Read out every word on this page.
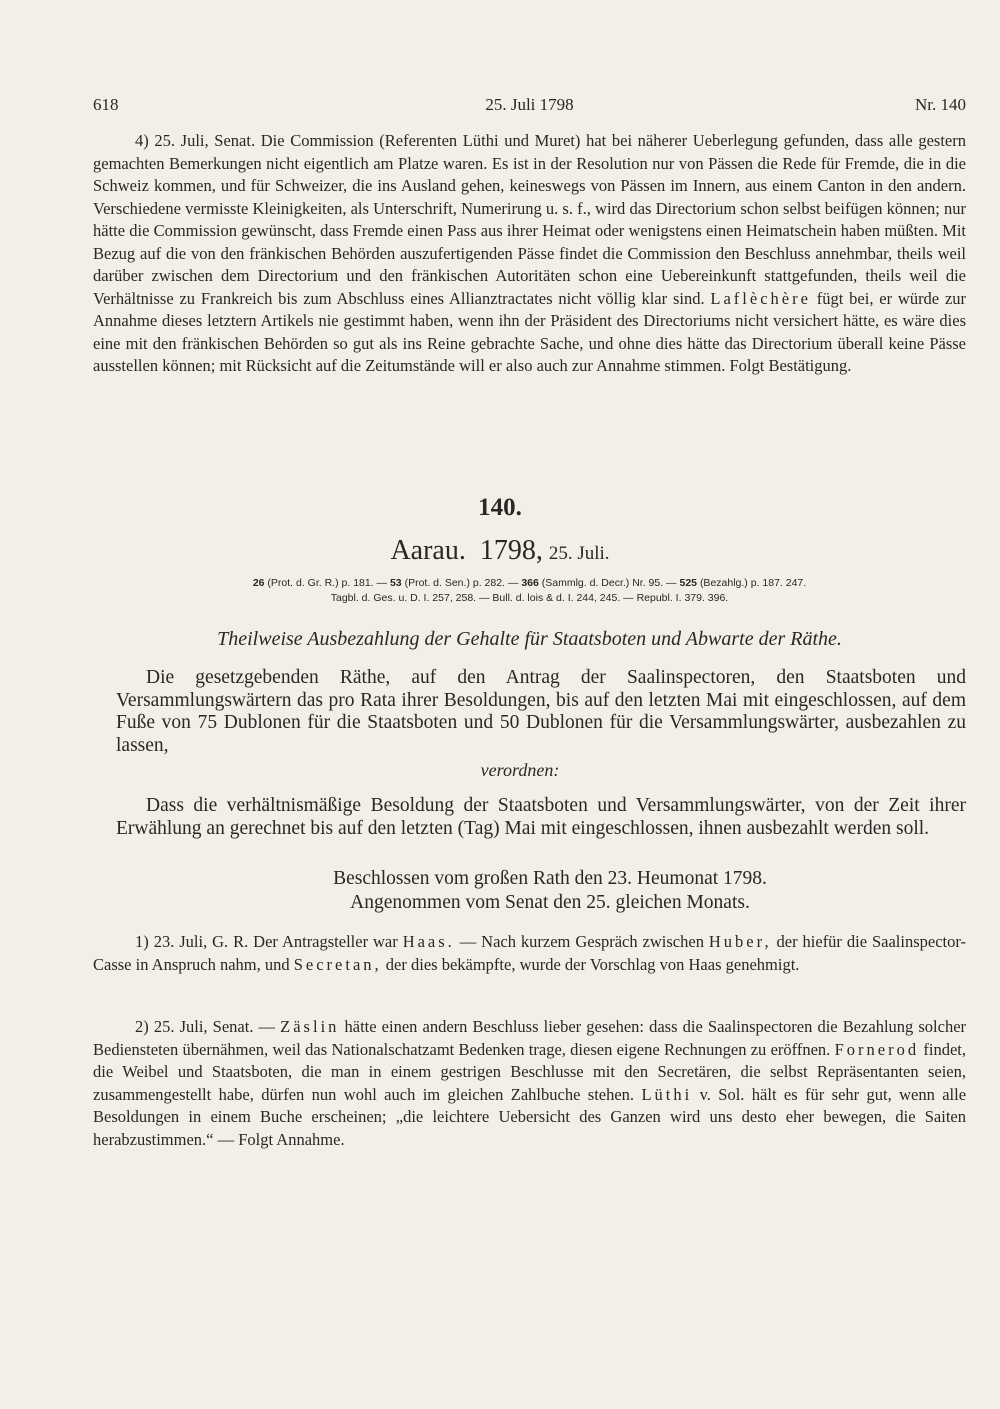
618	25. Juli 1798	Nr. 140

4) 25. Juli, Senat. Die Commission (Referenten Lüthi und Muret) hat bei näherer Ueberlegung gefunden, dass alle gestern gemachten Bemerkungen nicht eigentlich am Platze waren. Es ist in der Resolution nur von Pässen die Rede für Fremde, die in die Schweiz kommen, und für Schweizer, die ins Ausland gehen, keineswegs von Pässen im Innern, aus einem Canton in den andern. Verschiedene vermisste Kleinigkeiten, als Unterschrift, Numerirung u. s. f., wird das Directorium schon selbst beifügen können; nur hätte die Commission gewünscht, dass Fremde einen Pass aus ihrer Heimat oder wenigstens einen Heimatschein haben müßten. Mit Bezug auf die von den fränkischen Behörden auszufertigenden Pässe findet die Commission den Beschluss annehmbar, theils weil darüber zwischen dem Directorium und den fränkischen Autoritäten schon eine Uebereinkunft stattgefunden, theils weil die Verhältnisse zu Frankreich bis zum Abschluss eines Allianztractates nicht völlig klar sind. Laflèchère fügt bei, er würde zur Annahme dieses letztern Artikels nie gestimmt haben, wenn ihn der Präsident des Directoriums nicht versichert hätte, es wäre dies eine mit den fränkischen Behörden so gut als ins Reine gebrachte Sache, und ohne dies hätte das Directorium überall keine Pässe ausstellen können; mit Rücksicht auf die Zeitumstände will er also auch zur Annahme stimmen. Folgt Bestätigung.

140.
Aarau. 1798, 25. Juli.
26 (Prot. d. Gr. R.) p. 181. — 53 (Prot. d. Sen.) p. 282. — 366 (Sammlg. d. Decr.) Nr. 95. — 525 (Bezahlg.) p. 187. 247.
Tagbl. d. Ges. u. D. I. 257, 258. — Bull. d. lois & d. I. 244, 245. — Republ. I. 379. 396.
Theilweise Ausbezahlung der Gehalte für Staatsboten und Abwarte der Räthe.

Die gesetzgebenden Räthe, auf den Antrag der Saalinspectoren, den Staatsboten und Versammlungswärtern das pro Rata ihrer Besoldungen, bis auf den letzten Mai mit eingeschlossen, auf dem Fuße von 75 Dublonen für die Staatsboten und 50 Dublonen für die Versammlungswärter, ausbezahlen zu lassen,

verordnen:

Dass die verhältnismäßige Besoldung der Staatsboten und Versammlungswärter, von der Zeit ihrer Erwählung an gerechnet bis auf den letzten (Tag) Mai mit eingeschlossen, ihnen ausbezahlt werden soll.

Beschlossen vom großen Rath den 23. Heumonat 1798.
Angenommen vom Senat den 25. gleichen Monats.

1) 23. Juli, G. R. Der Antragsteller war Haas. — Nach kurzem Gespräch zwischen Huber, der hiefür die Saalinspector-Casse in Anspruch nahm, und Secretan, der dies bekämpfte, wurde der Vorschlag von Haas genehmigt.

2) 25. Juli, Senat. — Zäslin hätte einen andern Beschluss lieber gesehen: dass die Saalinspectoren die Bezahlung solcher Bediensteten übernähmen, weil das Nationalschatzamt Bedenken trage, diesen eigene Rechnungen zu eröffnen. Fornerod findet, die Weibel und Staatsboten, die man in einem gestrigen Beschlusse mit den Secretären, die selbst Repräsentanten seien, zusammengestellt habe, dürfen nun wohl auch im gleichen Zahlbuche stehen. Lüthi v. Sol. hält es für sehr gut, wenn alle Besoldungen in einem Buche erscheinen; „die leichtere Uebersicht des Ganzen wird uns desto eher bewegen, die Saiten herabzustimmen.“ — Folgt Annahme.
